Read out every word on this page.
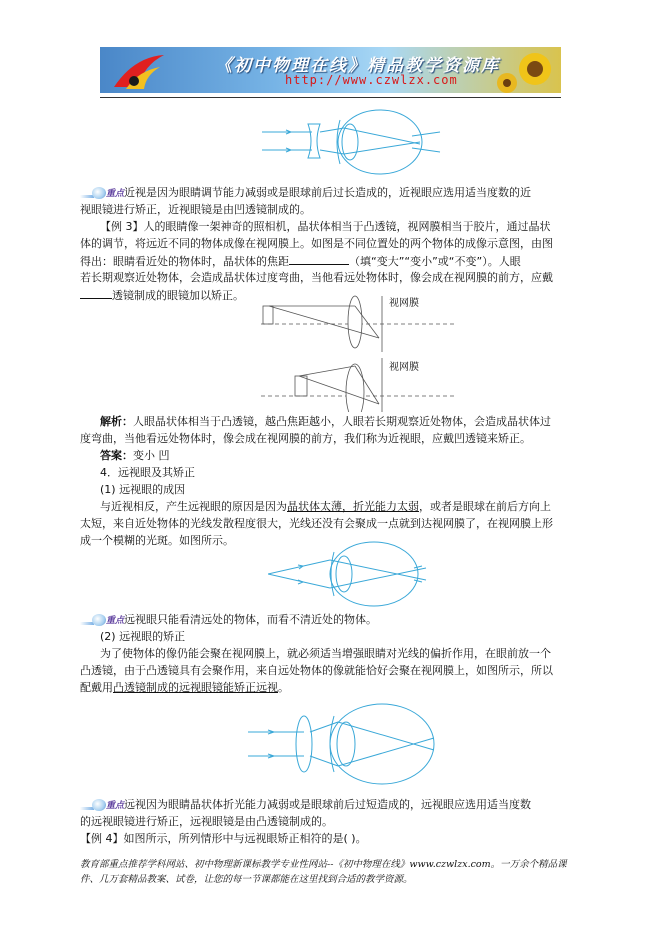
《初中物理在线》精品教学资源库
http://www.czwlzx.com
重点 近视是因为眼睛调节能力减弱或是眼球前后过长造成的，近视眼应选用适当度数的近
视眼镜进行矫正，近视眼镜是由凹透镜制成的。
【例 3】人的眼睛像一架神奇的照相机，晶状体相当于凸透镜，视网膜相当于胶片，通过晶状
体的调节，将远近不同的物体成像在视网膜上。如图是不同位置处的两个物体的成像示意图，由图
得出：眼睛看近处的物体时，晶状体的焦距	（填“变大”“变小”或“不变”）。人眼
若长期观察近处物体，会造成晶状体过度弯曲，当他看远处物体时，像会成在视网膜的前方，应戴
透镜制成的眼镜加以矫正。
视网膜
视网膜
解析：人眼晶状体相当于凸透镜，越凸焦距越小，人眼若长期观察近处物体，会造成晶状体过
度弯曲，当他看远处物体时，像会成在视网膜的前方，我们称为近视眼，应戴凹透镜来矫正。
答案：变小 凹
4．远视眼及其矫正
(1) 远视眼的成因
与近视相反，产生远视眼的原因是因为晶状体太薄，折光能力太弱，或者是眼球在前后方向上
太短，来自近处物体的光线发散程度很大，光线还没有会聚成一点就到达视网膜了，在视网膜上形
成一个模糊的光斑。如图所示。
重点 远视眼只能看清远处的物体，而看不清近处的物体。
(2) 远视眼的矫正
为了使物体的像仍能会聚在视网膜上，就必须适当增强眼睛对光线的偏折作用，在眼前放一个
凸透镜，由于凸透镜具有会聚作用，来自远处物体的像就能恰好会聚在视网膜上，如图所示，所以
配戴用凸透镜制成的远视眼镜能矫正远视。
重点 远视因为眼睛晶状体折光能力减弱或是眼球前后过短造成的，远视眼应选用适当度数
的远视眼镜进行矫正，远视眼镜是由凸透镜制成的。
【例 4】如图所示，所列情形中与远视眼矫正相符的是( )。
教育部重点推荐学科网站、初中物理新课标教学专业性网站--《初中物理在线》www.czwlzx.com。一万余个精品课
件、几万套精品教案、试卷，让您的每一节课都能在这里找到合适的教学资源。
